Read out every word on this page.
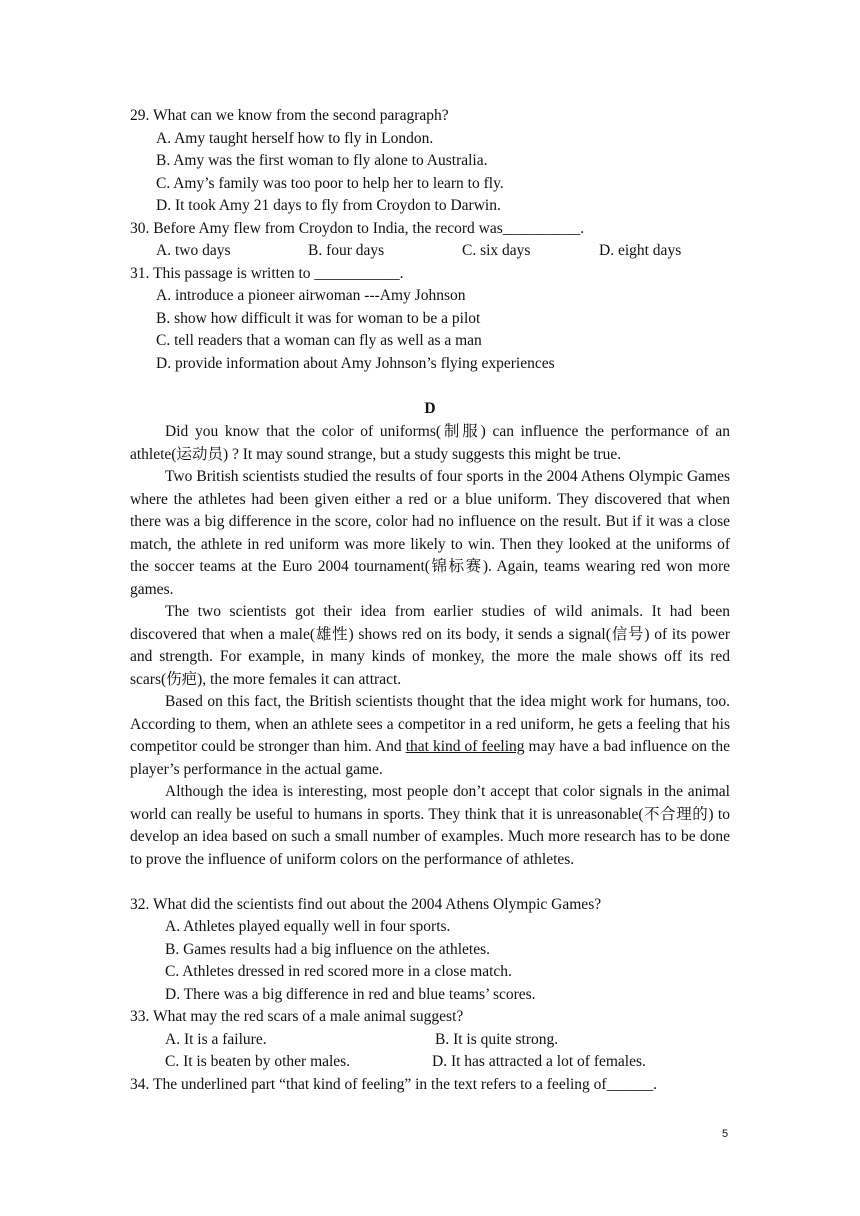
29. What can we know from the second paragraph?
A. Amy taught herself how to fly in London.
B. Amy was the first woman to fly alone to Australia.
C. Amy’s family was too poor to help her to learn to fly.
D. It took Amy 21 days to fly from Croydon to Darwin.
30. Before Amy flew from Croydon to India, the record was__________.
A. two days	B. four days	C. six days	D. eight days
31. This passage is written to ___________.
A. introduce a pioneer airwoman ---Amy Johnson
B. show how difficult it was for woman to be a pilot
C. tell readers that a woman can fly as well as a man
D. provide information about Amy Johnson’s flying experiences
D

Did you know that the color of uniforms(制服) can influence the performance of an athlete(运动员) ? It may sound strange, but a study suggests this might be true.

Two British scientists studied the results of four sports in the 2004 Athens Olympic Games where the athletes had been given either a red or a blue uniform. They discovered that when there was a big difference in the score, color had no influence on the result. But if it was a close match, the athlete in red uniform was more likely to win. Then they looked at the uniforms of the soccer teams at the Euro 2004 tournament(锦标赛). Again, teams wearing red won more games.

The two scientists got their idea from earlier studies of wild animals. It had been discovered that when a male(雄性) shows red on its body, it sends a signal(信号) of its power and strength. For example, in many kinds of monkey, the more the male shows off its red scars(伤疤), the more females it can attract.

Based on this fact, the British scientists thought that the idea might work for humans, too. According to them, when an athlete sees a competitor in a red uniform, he gets a feeling that his competitor could be stronger than him. And that kind of feeling may have a bad influence on the player’s performance in the actual game.

Although the idea is interesting, most people don’t accept that color signals in the animal world can really be useful to humans in sports. They think that it is unreasonable(不合理的) to develop an idea based on such a small number of examples. Much more research has to be done to prove the influence of uniform colors on the performance of athletes.

32. What did the scientists find out about the 2004 Athens Olympic Games?
A. Athletes played equally well in four sports.
B. Games results had a big influence on the athletes.
C. Athletes dressed in red scored more in a close match.
D. There was a big difference in red and blue teams’ scores.
33. What may the red scars of a male animal suggest?
A. It is a failure.	B. It is quite strong.
C. It is beaten by other males.	D. It has attracted a lot of females.
34. The underlined part “that kind of feeling” in the text refers to a feeling of______.
5
